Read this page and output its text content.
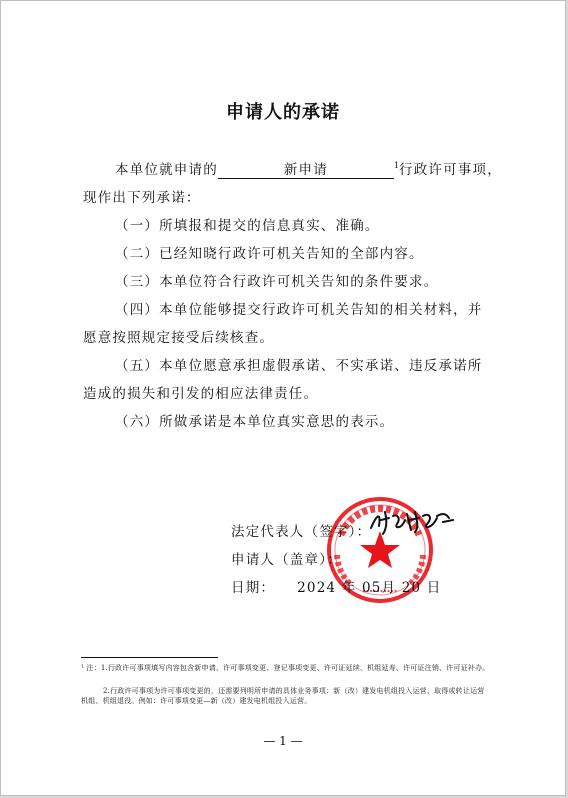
申请人的承诺
本单位就申请的	新申请	$^1$行政许可事项，
现作出下列承诺：
（一）所填报和提交的信息真实、准确。
（二）已经知晓行政许可机关告知的全部内容。
（三）本单位符合行政许可机关告知的条件要求。
（四）本单位能够提交行政许可机关告知的相关材料，并
愿意按照规定接受后续核查。
（五）本单位愿意承担虚假承诺、不实承诺、违反承诺所
造成的损失和引发的相应法律责任。
（六）所做承诺是本单位真实意思的表示。
法定代表人（签字）：
申请人（盖章）：
日期： 2024 年 05月 20 日
¹ 注：1.行政许可事项填写内容包含新申请、许可事项变更、登记事项变更、许可证延续、机组延寿、许可证注销、许可证补办。
2.行政许可事项为许可事项变更的，还需要列明所申请的具体业务事项：新（改）建发电机组投入运营、取得或转让运营机组、机组退役。例如：许可事项变更—新（改）建发电机组投入运营。
— 1 —
